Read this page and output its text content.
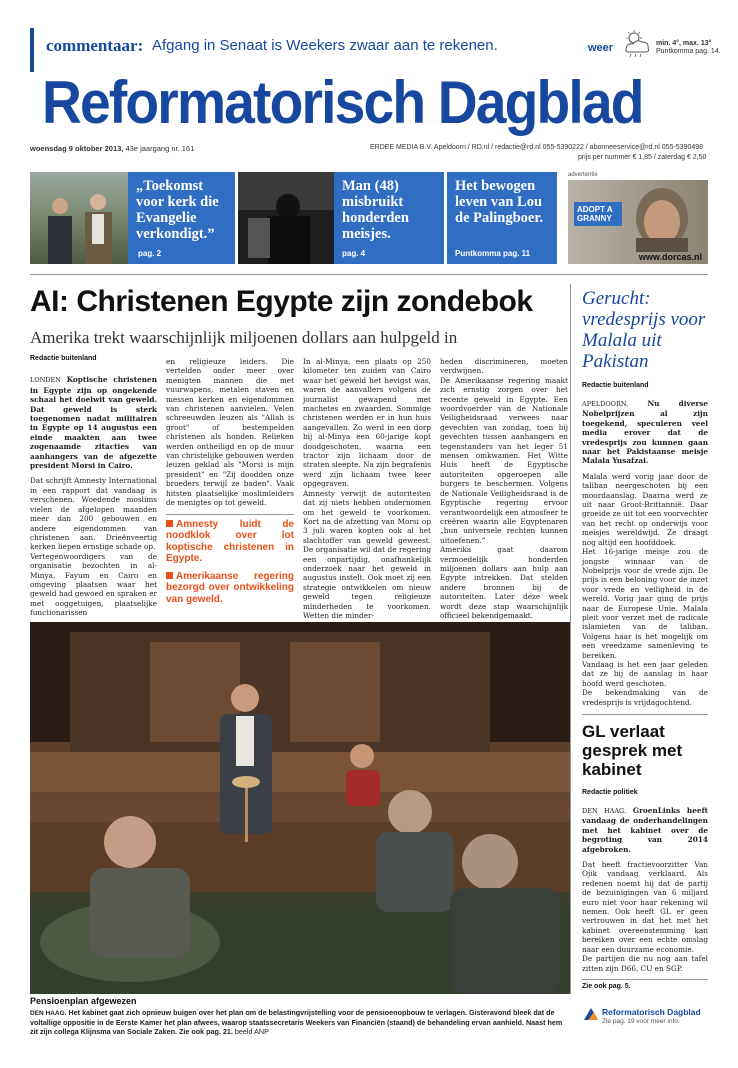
commentaar: Afgang in Senaat is Weekers zwaar aan te rekenen.	weer	min. 4°, max. 13°
Puntkomma pag. 14.
Reformatorisch Dagblad
woensdag 9 oktober 2013, 43e jaargang nr. 161	ERDEE MEDIA B.V. Apeldoorn / RD.nl / redactie@rd.nl 055-5390222 / abonneeservice@rd.nl 055-5390498
prijs per nummer € 1,85 / zaterdag € 2,50
„Toekomst voor kerk die Evangelie verkondigt.”
pag. 2
Man (48) misbruikt honderden meisjes.
pag. 4
Het bewogen leven van Lou de Palingboer.
Puntkomma pag. 11
advertentie
ADOPT A GRANNY
www.dorcas.nl
AI: Christenen Egypte zijn zondebok
Amerika trekt waarschijnlijk miljoenen dollars aan hulpgeld in
Redactie buitenland
LONDEN Koptische christenen in Egypte zijn op ongekende schaal het doelwit van geweld. Dat geweld is sterk toegenomen nadat militairen in Egypte op 14 augustus een einde maakten aan twee zogenaamde zitacties van aanhangers van de afgezette president Morsi in Cairo.
Dat schrijft Amnesty International in een rapport dat vandaag is verschenen. Woedende moslims vielen de afgelopen maanden meer dan 200 gebouwen en andere eigendommen van christenen aan. Drieënveertig kerken liepen ernstige schade op.
Vertegenwoordigers van de organisatie bezochten in al-Minya, Fayum en Cairo en omgeving plaatsen waar het geweld had gewoed en spraken er met ooggetuigen, plaatselijke functionarissen
en religieuze leiders. Die vertelden onder meer over menigten mannen die met vuurwapens, metalen staven en messen kerken en eigendommen van christenen aanvielen. Velen schreeuwden leuzen als "Allah is groot" of bestempelden christenen als honden. Relieken werden ontheiligd en op de muur van christelijke gebouwen werden leuzen geklad als "Morsi is mijn president" en "Zij doodden onze broeders terwijl ze baden". Vaak hitsten plaatselijke moslimleiders de menigtes op tot geweld.
Amnesty luidt de noodklok over lot koptische christenen in Egypte.
Amerikaanse regering bezorgd over ontwikkeling van geweld.
In al-Minya, een plaats op 250 kilometer ten zuiden van Cairo waar het geweld het hevigst was, waren de aanvallers volgens de journalist gewapend met machetes en zwaarden. Sommige christenen werden er in hun huis aangevallen. Zo werd in een dorp bij al-Minya een 60-jarige kopt doodgeschoten, waarna een tractor zijn lichaam door de straten sleepte. Na zijn begrafenis werd zijn lichaam twee keer opgegraven.
Amnesty verwijt de autoriteiten dat zij niets hebben ondernomen om het geweld te voorkomen. Kort na de afzetting van Morsi op 3 juli waren kopten ook al het slachtoffer van geweld geweest. De organisatie wil dat de regering een onpartijdig, onafhankelijk onderzoek naar het geweld in augustus instelt. Ook moet zij een strategie ontwikkelen om nieuw geweld tegen religieuze minderheden te voorkomen. Wetten die minder-
heden discrimineren, moeten verdwijnen.
De Amerikaanse regering maakt zich ernstig zorgen over het recente geweld in Egypte. Een woordvoerder van de Nationale Veiligheidsraad verwees naar gevechten van zondag, toen bij gevechten tussen aanhangers en tegenstanders van het leger 51 mensen omkwamen. Het Witte Huis heeft de Egyptische autoriteiten opgeroepen alle burgers te beschermen. Volgens de Nationale Veiligheidsraad is de Egyptische regering ervoor verantwoordelijk een atmosfeer te creëren waarin alle Egyptenaren „hun universele rechten kunnen uitoefenen.”
Amerika gaat daarom vermoedelijk honderden miljoenen dollars aan hulp aan Egypte intrekken. Dat stelden andere bronnen bij de autoriteiten. Later deze week wordt deze stap waarschijnlijk officieel bekendgemaakt.
Gerucht: vredesprijs voor Malala uit Pakistan
Redactie buitenland
APELDOORN.	Nu diverse Nobelprijzen al zijn toegekend, speculeren veel media erover dat de vredesprijs zou kunnen gaan naar het Pakistaanse meisje Malala Yusafzai.
Malala werd vorig jaar door de taliban neergeschoten bij een moordaanslag. Daarna werd ze uit naar Groot-Brittannië. Daar groeide ze uit tot een voorvechter van het recht op onderwijs voor meisjes wereldwijd. Ze draagt nog altijd een hoofddoek.
Het 16-jarige meisje zou de jongste winnaar van de Nobelprijs voor de vrede zijn. De prijs is een beloning voor de inzet voor vrede en veiligheid in de wereld. Vorig jaar ging de prijs naar de Europese Unie. Malala pleit voor verzet met de radicale islamieten van de taliban. Volgens haar is het mogelijk om een vreedzame samenleving te bereiken.
Vandaag is het een jaar geleden dat ze bij de aanslag in haar hoofd werd geschoten.
De bekendmaking van de vredesprijs is vrijdagochtend.
GL verlaat gesprek met kabinet
Redactie politiek
DEN HAAG. GroenLinks heeft vandaag de onderhandelingen met het kabinet over de begroting van 2014 afgebroken.
Dat heeft fractievoorzitter Van Ojik vandaag verklaard. Als redenen noemt hij dat de partij de bezuinigingen van 6 miljard euro niet voor haar rekening wil nemen. Ook heeft GL er geen vertrouwen in dat het met het kabinet overeenstemming kan bereiken over een echte omslag naar een duurzame economie.
De partijen die nu nog aan tafel zitten zijn D66, CU en SGP.
Zie ook pag. 5.
Pensioenplan afgewezen
DEN HAAG. Het kabinet gaat zich opnieuw buigen over het plan om de belastingvrijstelling voor de pensioenopbouw te verlagen. Gisteravond bleek dat de voltallige oppositie in de Eerste Kamer het plan afwees, waarop staatssecretaris Weekers van Financiën (staand) de behandeling ervan aanhield. Naast hem zit zijn collega Klijnsma van Sociale Zaken. Zie ook pag. 21. beeld ANP
Reformatorisch Dagblad
Zie pag. 19 voor meer info.
